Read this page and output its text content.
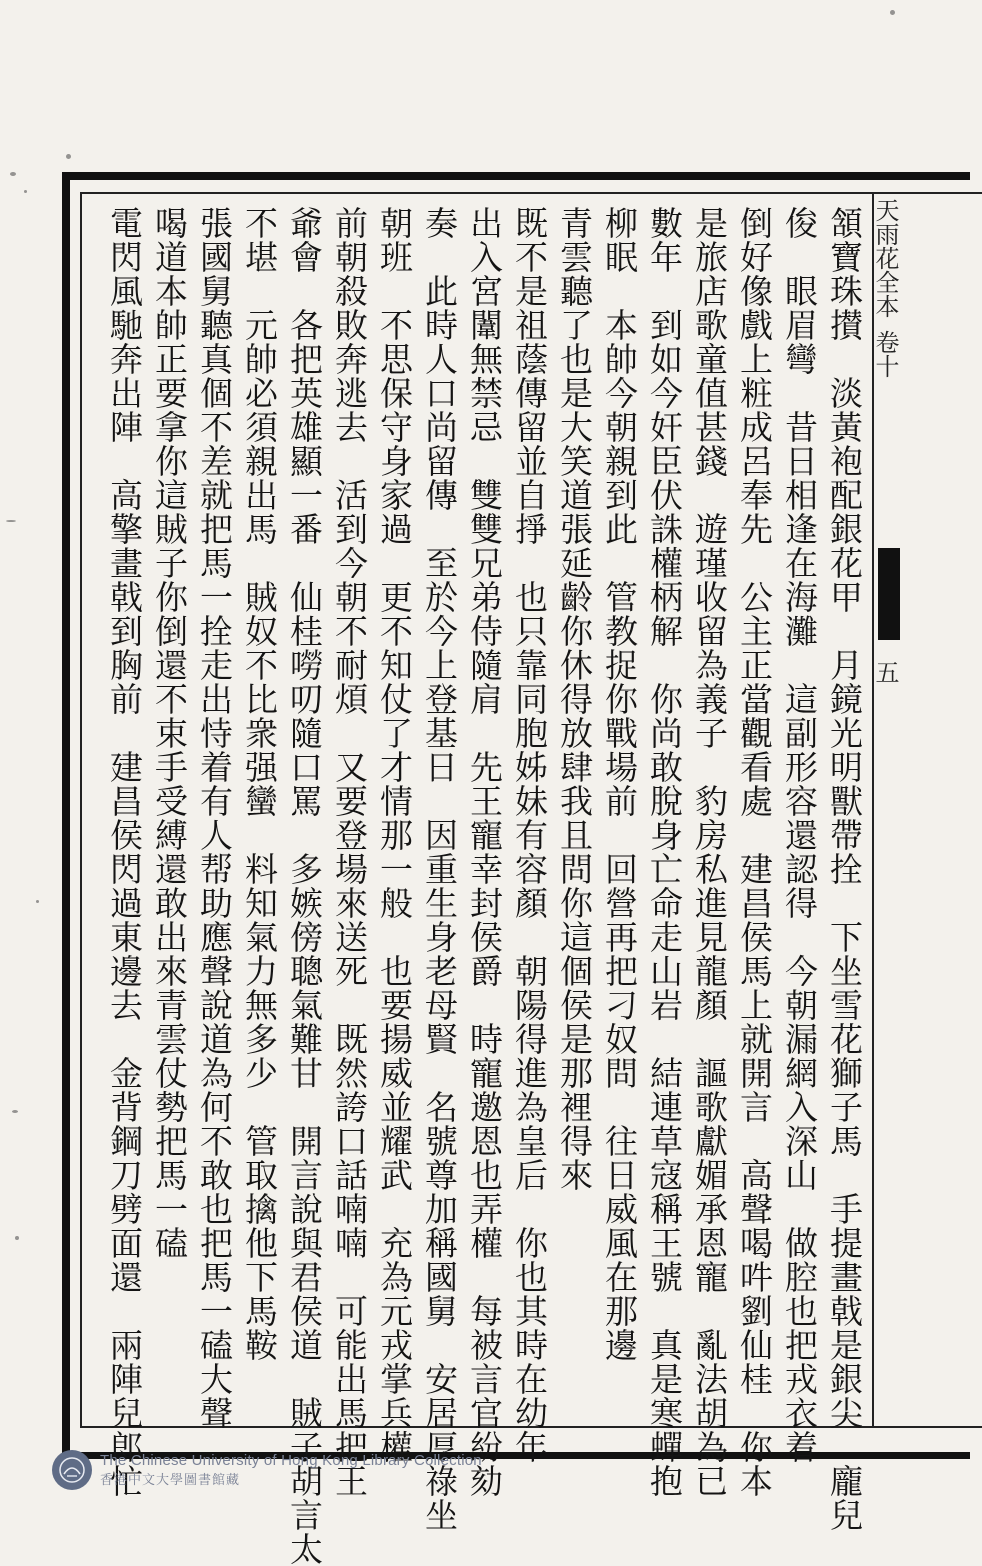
天雨花全本
卷十
五
頷寶珠攅　淡黃袍配銀花甲　月鏡光明獸帶拴　下坐雪花獅子馬　手提畫戟是銀尖　龐兒
俊　眼眉彎　昔日相逢在海灘　這副形容還認得　今朝漏網入深山　做腔也把戎衣着
倒好像戲上粧成呂奉先　公主正當觀看處　建昌侯馬上就開言　高聲喝吽劉仙桂　你本
是旅店歌童值甚錢　遊瑾收留為義子　豹房私進見龍顏　謳歌獻媚承恩寵　亂法胡為已
數年　到如今奸臣伏誅權柄解　你尚敢脫身亡命走山岩　結連草寇稱王號　真是寒蟬抱
柳眠　本帥今朝親到此　管教捉你戰場前　回營再把刁奴問　往日威風在那邊
青雲聽了也是大笑道張延齡你休得放肆我且問你這個侯是那裡得來
既不是祖蔭傳留並自掙　也只靠同胞姊妹有容顏　朝陽得進為皇后　你也其時在幼年
出入宮闈無禁忌　雙雙兄弟侍隨肩　先王寵幸封侯爵　時寵邀恩也弄權　每被言官紛劾
奏　此時人口尚留傳　至於今上登基日　因重生身老母賢　名號尊加稱國舅　安居厚祿坐
朝班　不思保守身家過　更不知仗了才情那一般　也要揚威並耀武　充為元戎掌兵權
前朝殺敗奔逃去　活到今朝不耐煩　又要登場來送死　既然誇口話喃喃　可能出馬把王
爺會　各把英雄顯一番　仙桂嘮叨隨口罵　多嫉傍聰氣難甘　開言說與君侯道　賊子胡言太
不堪　元帥必須親出馬　賊奴不比衆强蠻　料知氣力無多少　管取擒他下馬鞍
張國舅聽真個不差就把馬一拴走出恃着有人帮助應聲說道為何不敢也把馬一磕大聲
喝道本帥正要拿你這賊子你倒還不束手受縛還敢出來青雲仗勢把馬一磕
電閃風馳奔出陣　高擎畫戟到胸前　建昌侯閃過東邊去　金背鋼刀劈面還　兩陣兒郎忙
The Chinese University of Hong Kong Library Collection
香港中文大學圖書館藏
